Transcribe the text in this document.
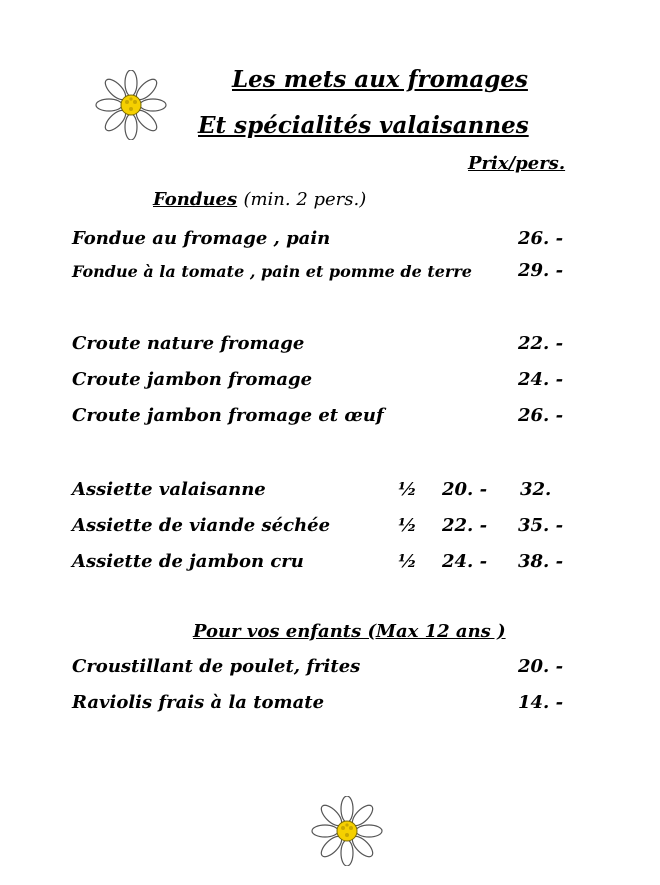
Les mets aux fromages
Et spécialités valaisannes
Prix/pers.
Fondues (min. 2 pers.)
Fondue au fromage , pain	26. -
Fondue à la tomate , pain et pomme de terre	29. -
Croute nature fromage	22. -
Croute jambon fromage	24. -
Croute jambon fromage et œuf	26. -
Assiette valaisanne	½ 20. - 32.
Assiette de viande séchée	½ 22. - 35. -
Assiette de jambon cru	½ 24. - 38. -
Pour vos enfants (Max 12 ans )
Croustillant de poulet, frites	20. -
Raviolis frais à la tomate	14. -
